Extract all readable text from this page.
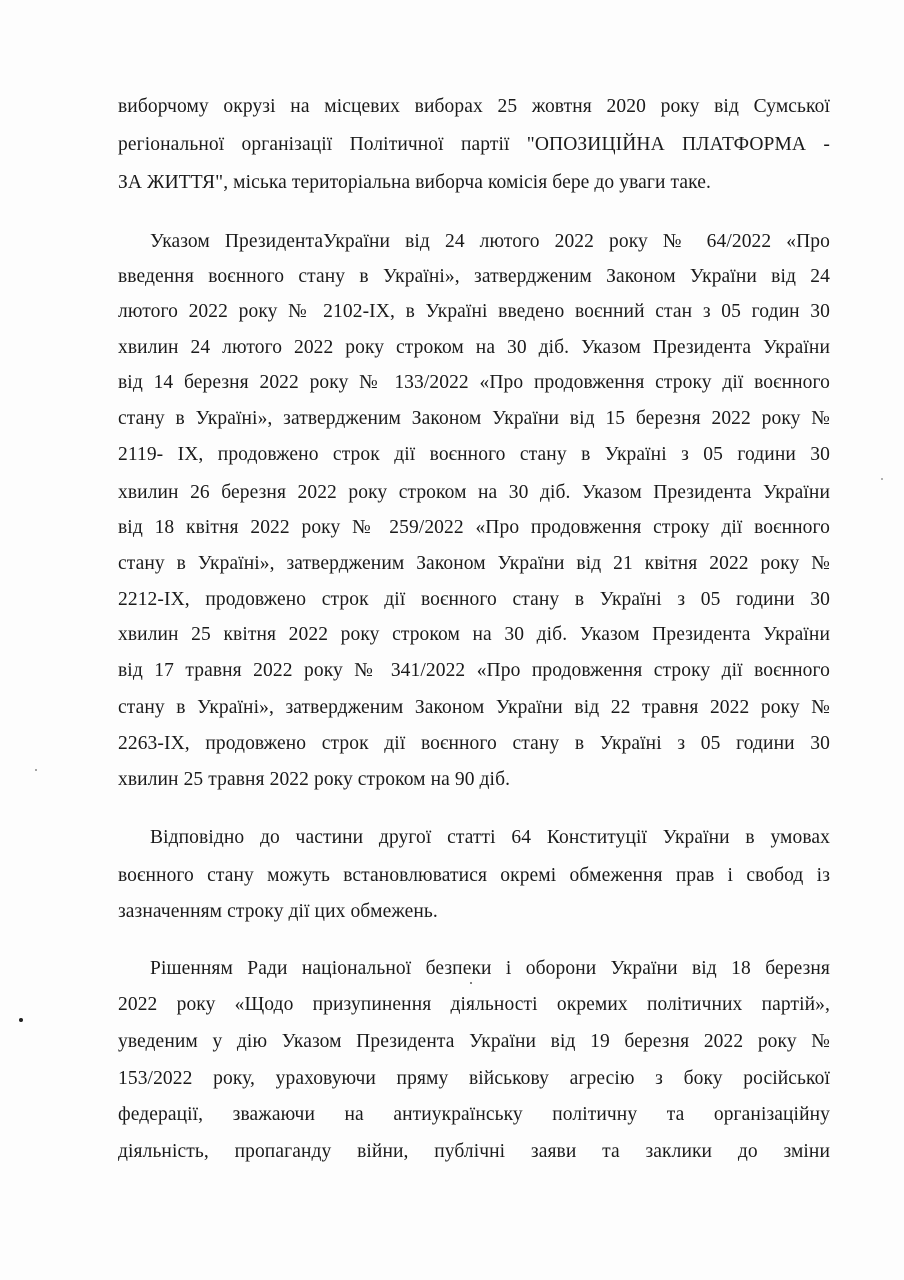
виборчому окрузі на місцевих виборах 25 жовтня 2020 року від Сумської
регіональної організації Політичної партії "ОПОЗИЦІЙНА ПЛАТФОРМА -
ЗА ЖИТТЯ", міська територіальна виборча комісія бере до уваги таке.
Указом ПрезидентаУкраїни від 24 лютого 2022 року № 64/2022 «Про
введення воєнного стану в Україні», затвердженим Законом України від 24
лютого 2022 року № 2102-IX, в Україні введено воєнний стан з 05 годин 30
хвилин 24 лютого 2022 року строком на 30 діб. Указом Президента України
від 14 березня 2022 року № 133/2022 «Про продовження строку дії воєнного
стану в Україні», затвердженим Законом України від 15 березня 2022 року №
2119- IX, продовжено строк дії воєнного стану в Україні з 05 години 30
хвилин 26 березня 2022 року строком на 30 діб. Указом Президента України
від 18 квітня 2022 року № 259/2022 «Про продовження строку дії воєнного
стану в Україні», затвердженим Законом України від 21 квітня 2022 року №
2212-IX, продовжено строк дії воєнного стану в Україні з 05 години 30
хвилин 25 квітня 2022 року строком на 30 діб. Указом Президента України
від 17 травня 2022 року № 341/2022 «Про продовження строку дії воєнного
стану в Україні», затвердженим Законом України від 22 травня 2022 року №
2263-IX, продовжено строк дії воєнного стану в Україні з 05 години 30
хвилин 25 травня 2022 року строком на 90 діб.
Відповідно до частини другої статті 64 Конституції України в умовах
воєнного стану можуть встановлюватися окремі обмеження прав і свобод із
зазначенням строку дії цих обмежень.
Рішенням Ради національної безпеки і оборони України від 18 березня
2022 року «Щодо призупинення діяльності окремих політичних партій»,
уведеним у дію Указом Президента України від 19 березня 2022 року №
153/2022 року, ураховуючи пряму військову агресію з боку російської
федерації, зважаючи на антиукраїнську політичну та організаційну
діяльність, пропаганду війни, публічні заяви та заклики до зміни
